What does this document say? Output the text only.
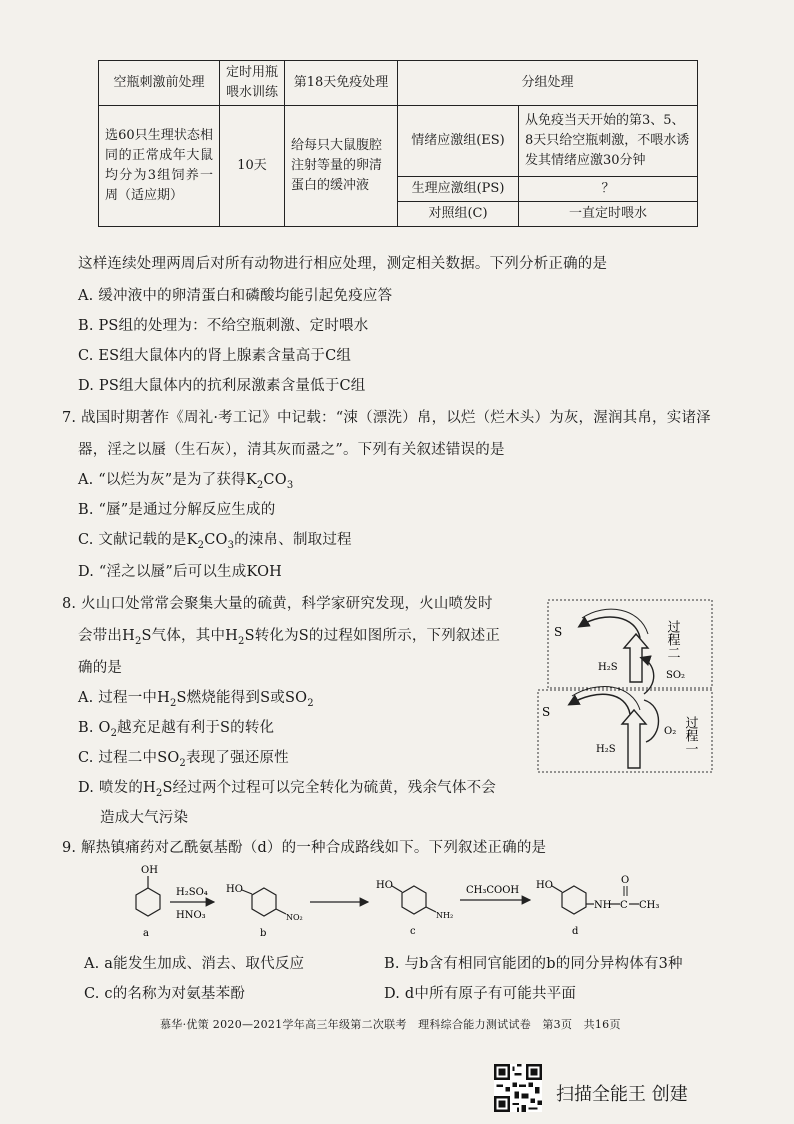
空瓶刺激前处理	定时用瓶喂水训练	第18天免疫处理	分组处理	
选60只生理状态相同的正常成年大鼠均分为3组饲养一周（适应期）	10天	给每只大鼠腹腔注射等量的卵清蛋白的缓冲液	情绪应激组(ES)	从免疫当天开始的第3、5、8天只给空瓶刺激，不喂水诱发其情绪应激30分钟
			生理应激组(PS)	？
			对照组(C)	一直定时喂水
这样连续处理两周后对所有动物进行相应处理，测定相关数据。下列分析正确的是
A. 缓冲液中的卵清蛋白和磷酸均能引起免疫应答
B. PS组的处理为：不给空瓶刺激、定时喂水
C. ES组大鼠体内的肾上腺素含量高于C组
D. PS组大鼠体内的抗利尿激素含量低于C组
7. 战国时期著作《周礼·考工记》中记载：“涑（漂洗）帛，以烂（烂木头）为灰，渥润其帛，实诸泽
器，淫之以蜃（生石灰），清其灰而盝之”。下列有关叙述错误的是
A. “以烂为灰”是为了获得$K_2CO_3$
B. “蜃”是通过分解反应生成的
C. 文献记载的是$K_2CO_3$的涑帛、制取过程
D. “淫之以蜃”后可以生成KOH
8. 火山口处常常会聚集大量的硫黄，科学家研究发现，火山喷发时
会带出$H_2S$气体，其中$H_2S$转化为S的过程如图所示，下列叙述正
确的是
A. 过程一中$H_2S$燃烧能得到S或$SO_2$
B. $O_2$越充足越有利于S的转化
C. 过程二中$SO_2$表现了强还原性
D. 喷发的$H_2S$经过两个过程可以完全转化为硫黄，残余气体不会
造成大气污染
S
S
H₂S
SO₂
O₂
H₂S
过程二
过程一
9. 解热镇痛药对乙酰氨基酚（d）的一种合成路线如下。下列叙述正确的是
OH
a
H₂SO₄
HNO₃
HO
NO₂
b
HO
NH₂
c
CH₃COOH HO
NH C
O
CH₃
d
A. a能发生加成、消去、取代反应	B. 与b含有相同官能团的b的同分异构体有3种
C. c的名称为对氨基苯酚	D. d中所有原子有可能共平面
慕华·优策 2020—2021学年高三年级第二次联考　理科综合能力测试试卷　第3页　共16页
扫描全能王 创建
